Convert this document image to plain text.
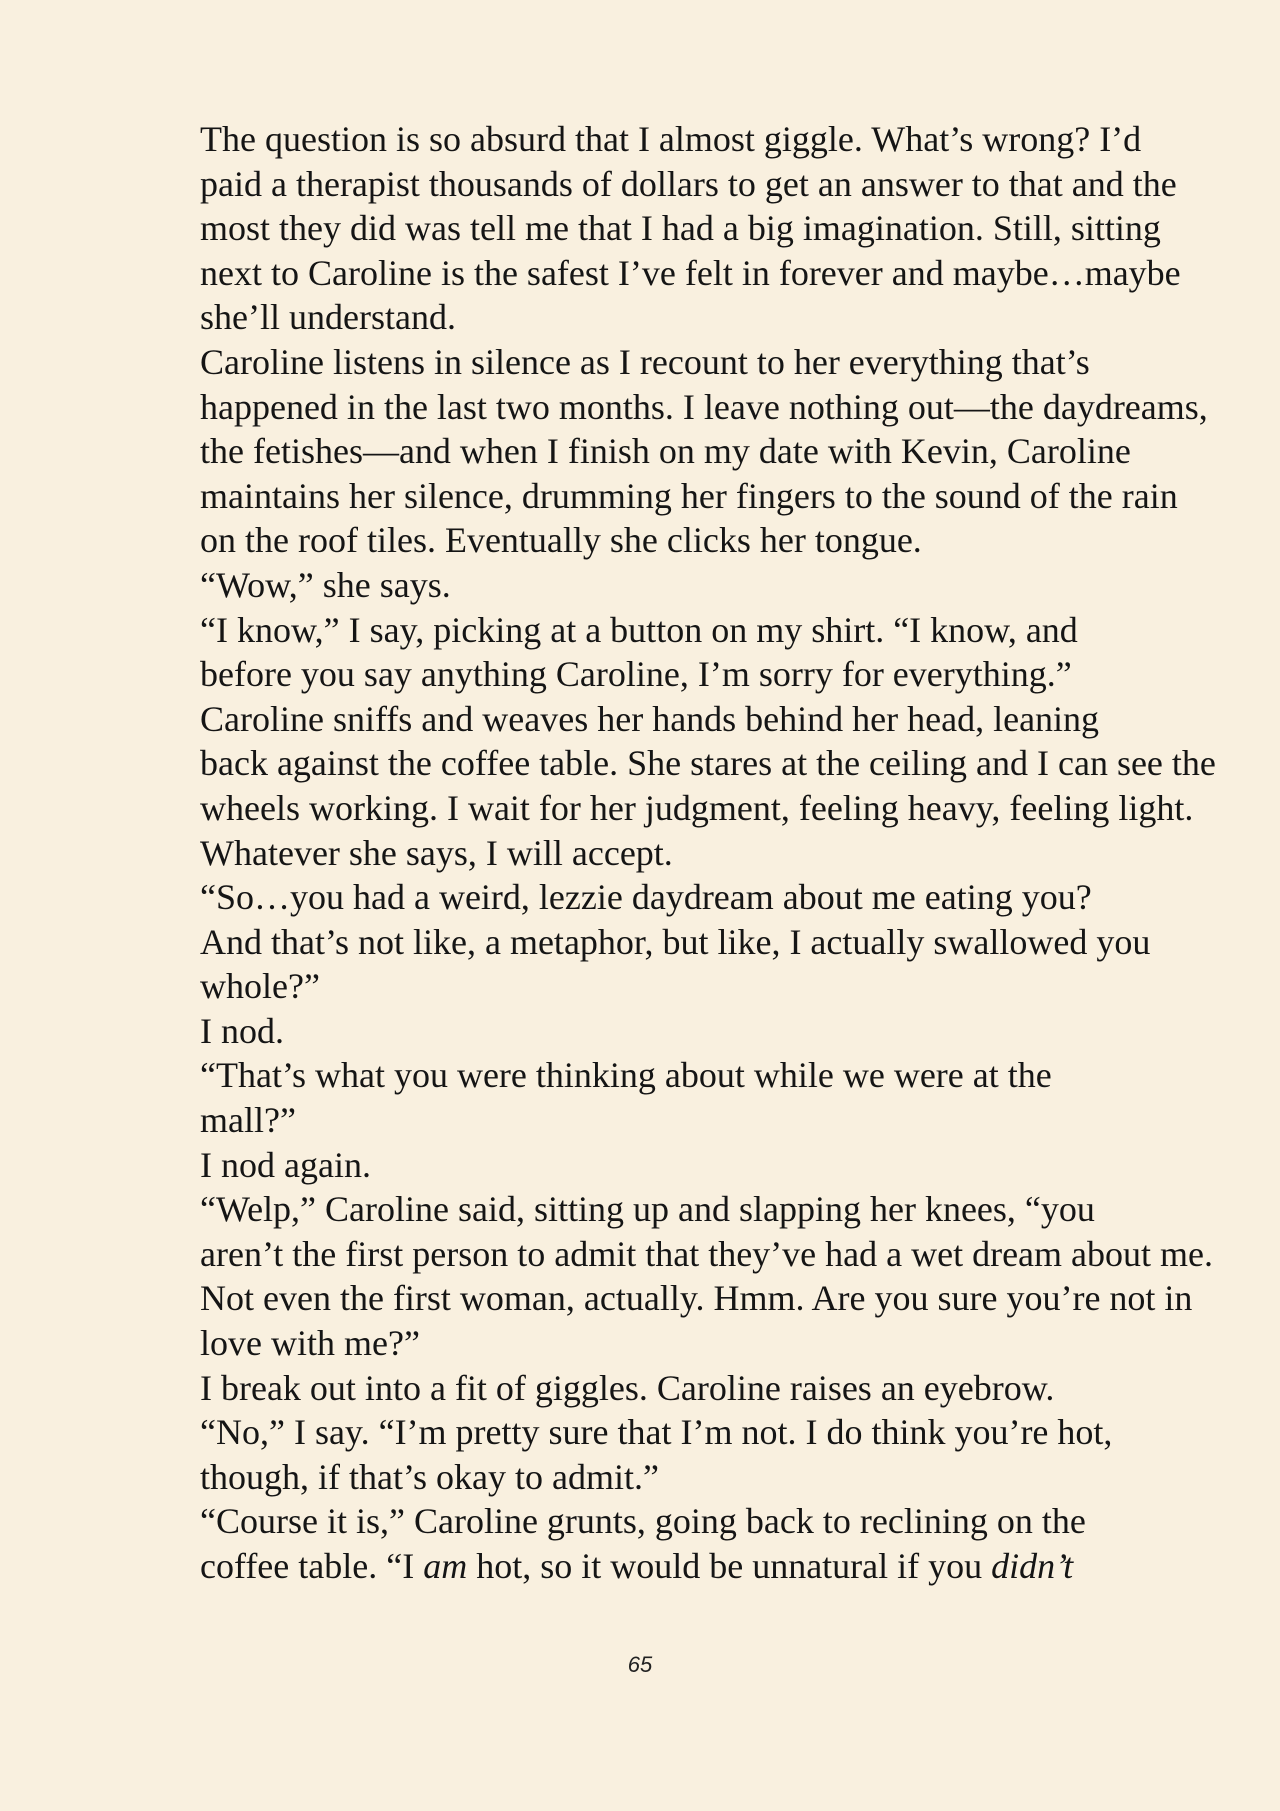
The question is so absurd that I almost giggle. What’s wrong? I’d
paid a therapist thousands of dollars to get an answer to that and the
most they did was tell me that I had a big imagination. Still, sitting
next to Caroline is the safest I’ve felt in forever and maybe…maybe
she’ll understand.

Caroline listens in silence as I recount to her everything that’s
happened in the last two months. I leave nothing out—the daydreams,
the fetishes—and when I finish on my date with Kevin, Caroline
maintains her silence, drumming her fingers to the sound of the rain
on the roof tiles. Eventually she clicks her tongue.

“Wow,” she says.

“I know,” I say, picking at a button on my shirt. “I know, and
before you say anything Caroline, I’m sorry for everything.”

Caroline sniffs and weaves her hands behind her head, leaning
back against the coffee table. She stares at the ceiling and I can see the
wheels working. I wait for her judgment, feeling heavy, feeling light.
Whatever she says, I will accept.

“So…you had a weird, lezzie daydream about me eating you?
And that’s not like, a metaphor, but like, I actually swallowed you
whole?”

I nod.

“That’s what you were thinking about while we were at the
mall?”

I nod again.

“Welp,” Caroline said, sitting up and slapping her knees, “you
aren’t the first person to admit that they’ve had a wet dream about me.
Not even the first woman, actually. Hmm. Are you sure you’re not in
love with me?”

I break out into a fit of giggles. Caroline raises an eyebrow.

“No,” I say. “I’m pretty sure that I’m not. I do think you’re hot,
though, if that’s okay to admit.”

“Course it is,” Caroline grunts, going back to reclining on the
coffee table. “I am hot, so it would be unnatural if you didn’t

65
